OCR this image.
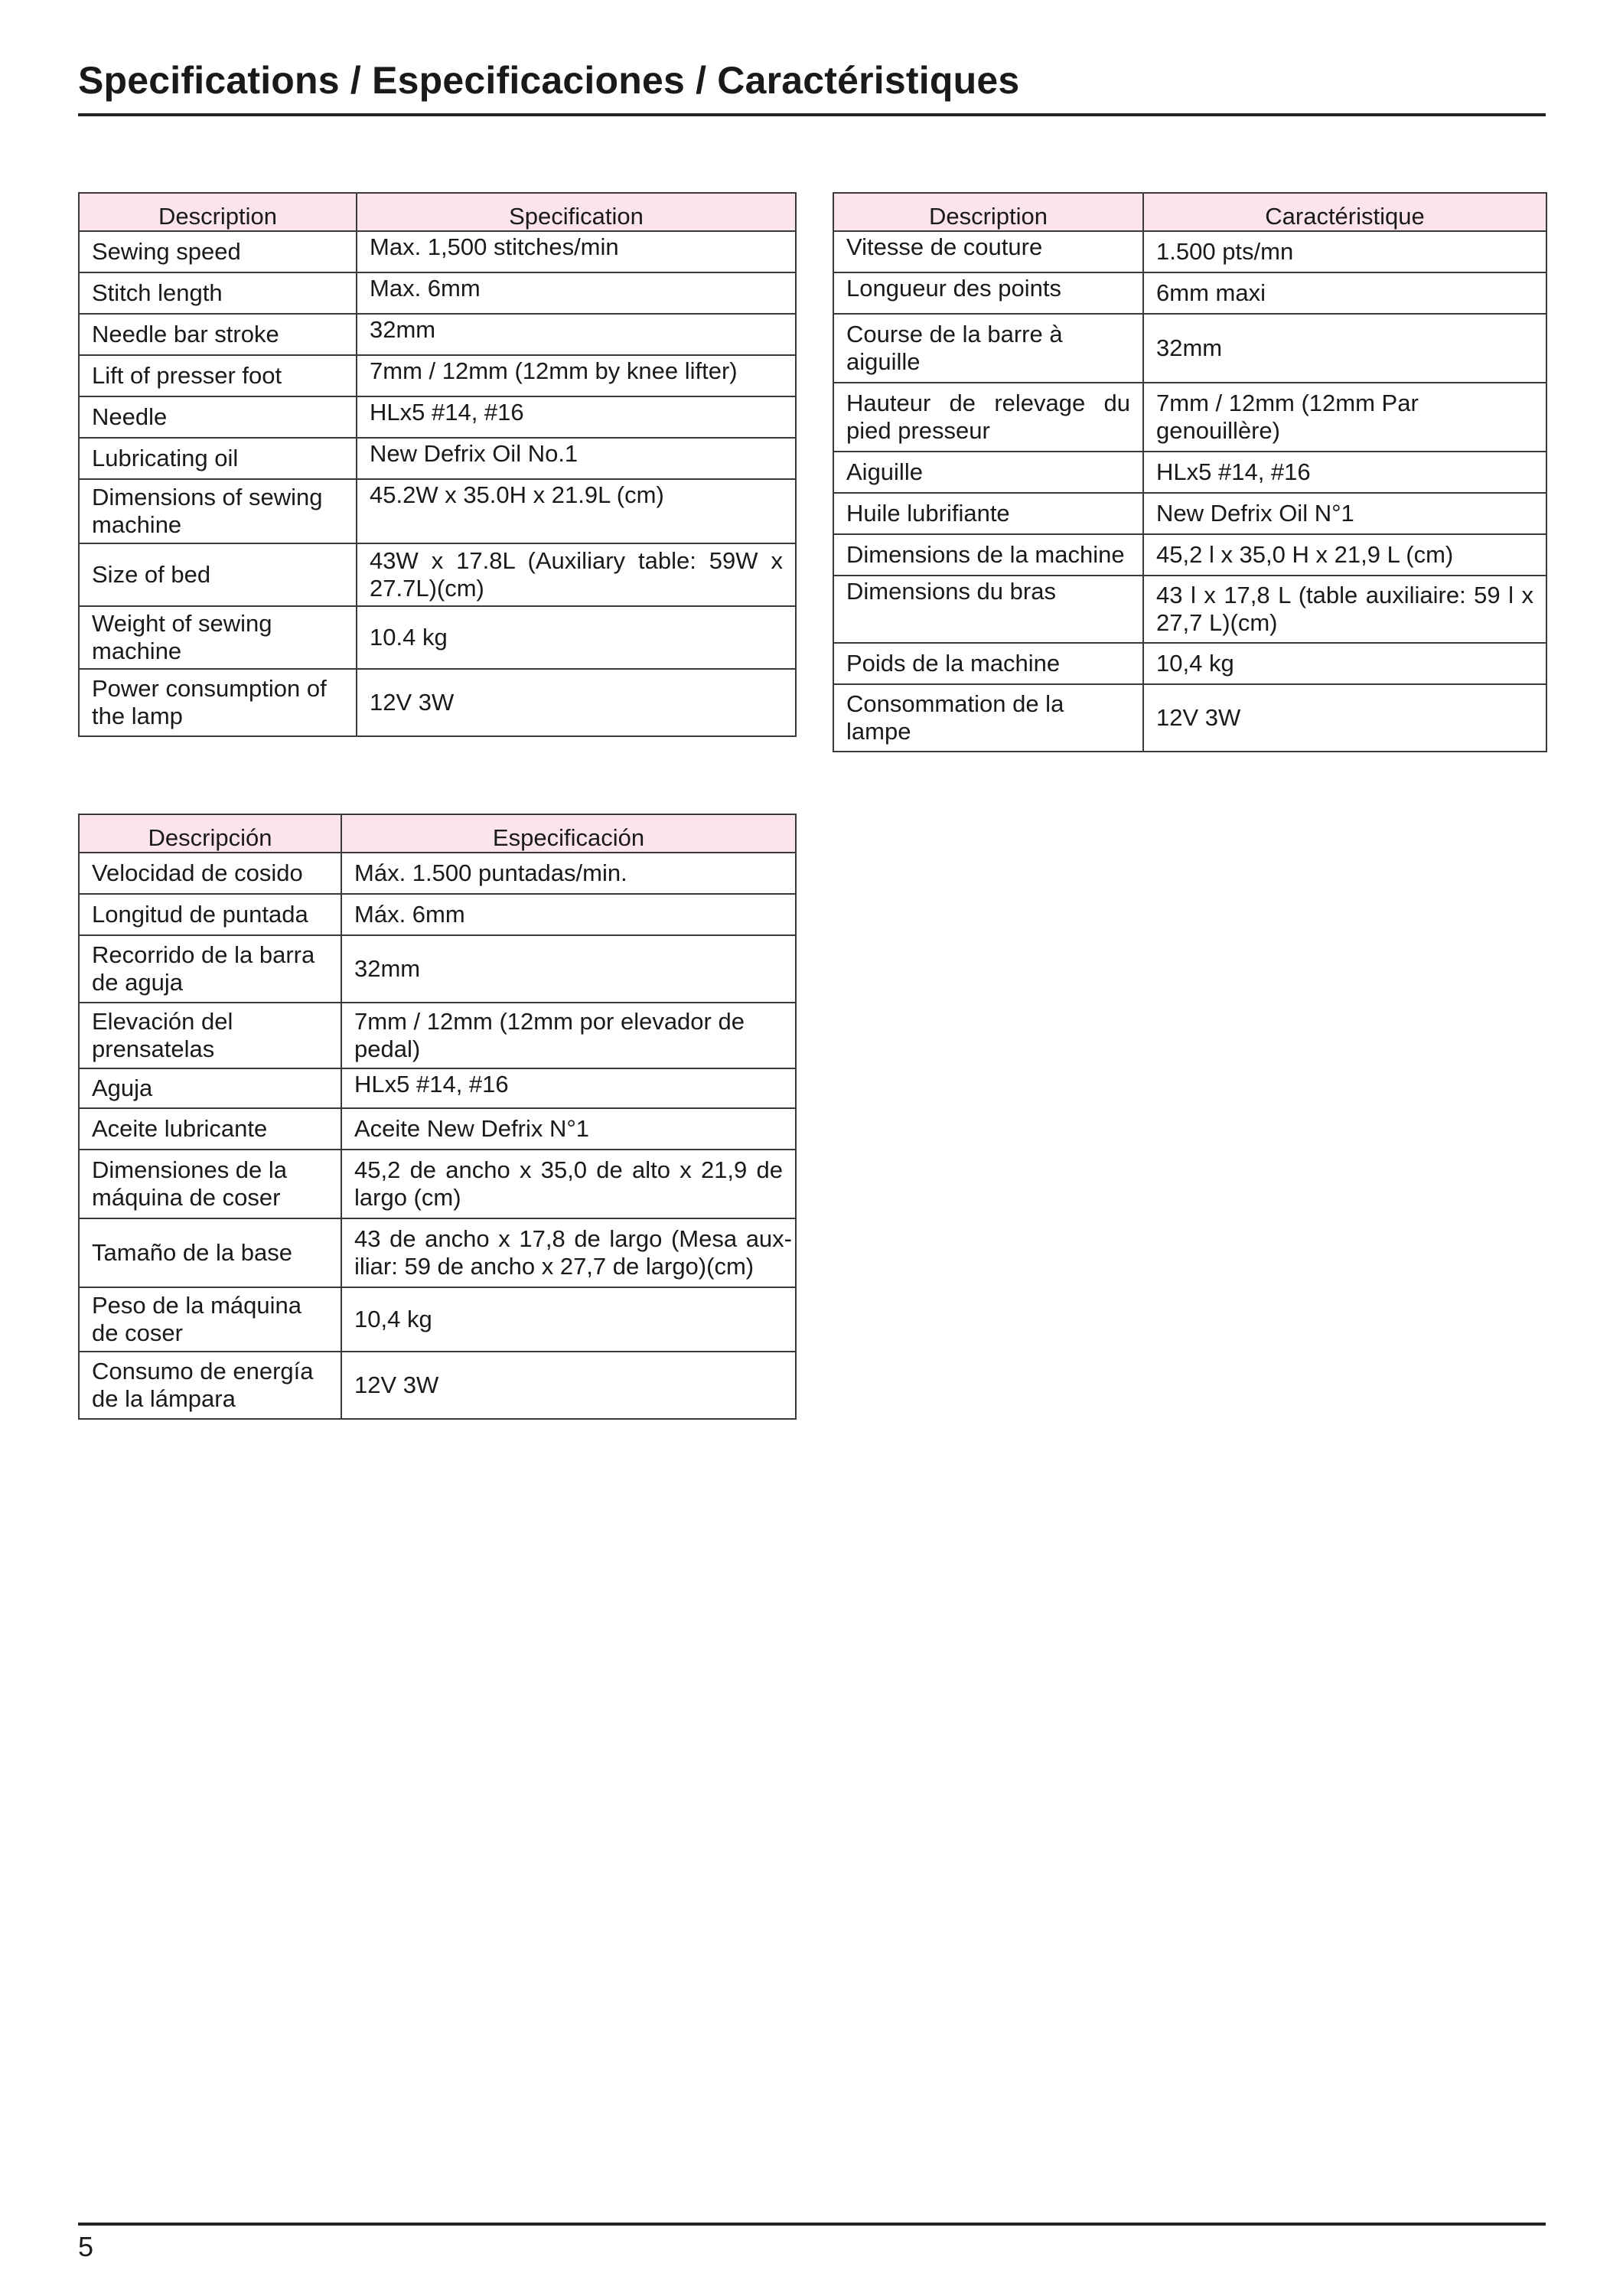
Specifications / Especificaciones / Caractéristiques
Description	Specification
Sewing speed	Max. 1,500 stitches/min
Stitch length	Max. 6mm
Needle bar stroke	32mm
Lift of presser foot	7mm / 12mm (12mm by knee lifter)
Needle	HLx5 #14, #16
Lubricating oil	New Defrix Oil No.1
Dimensions of sewing machine	45.2W x 35.0H x 21.9L (cm)
Size of bed	43W x 17.8L (Auxiliary table: 59W x 27.7L)(cm)
Weight of sewing machine	10.4 kg
Power consumption of the lamp	12V 3W
Description	Caractéristique
Vitesse de couture	1.500 pts/mn
Longueur des points	6mm maxi
Course de la barre à aiguille	32mm
Hauteur de relevage du pied presseur	7mm / 12mm (12mm Par genouillère)
Aiguille	HLx5 #14, #16
Huile lubrifiante	New Defrix Oil N°1
Dimensions de la machine	45,2 l x 35,0 H x 21,9 L (cm)
Dimensions du bras	43 l x 17,8 L (table auxiliaire: 59 l x 27,7 L)(cm)
Poids de la machine	10,4 kg
Consommation de la lampe	12V 3W
Descripción	Especificación
Velocidad de cosido	Máx. 1.500 puntadas/min.
Longitud de puntada	Máx. 6mm
Recorrido de la barra de aguja	32mm
Elevación del prensatelas	7mm / 12mm (12mm por elevador de pedal)
Aguja	HLx5 #14, #16
Aceite lubricante	Aceite New Defrix N°1
Dimensiones de la máquina de coser	45,2 de ancho x 35,0 de alto x 21,9 de largo (cm)
Tamaño de la base	43 de ancho x 17,8 de largo (Mesa aux-iliar: 59 de ancho x 27,7 de largo)(cm)
Peso de la máquina de coser	10,4 kg
Consumo de energía de la lámpara	12V 3W
5
